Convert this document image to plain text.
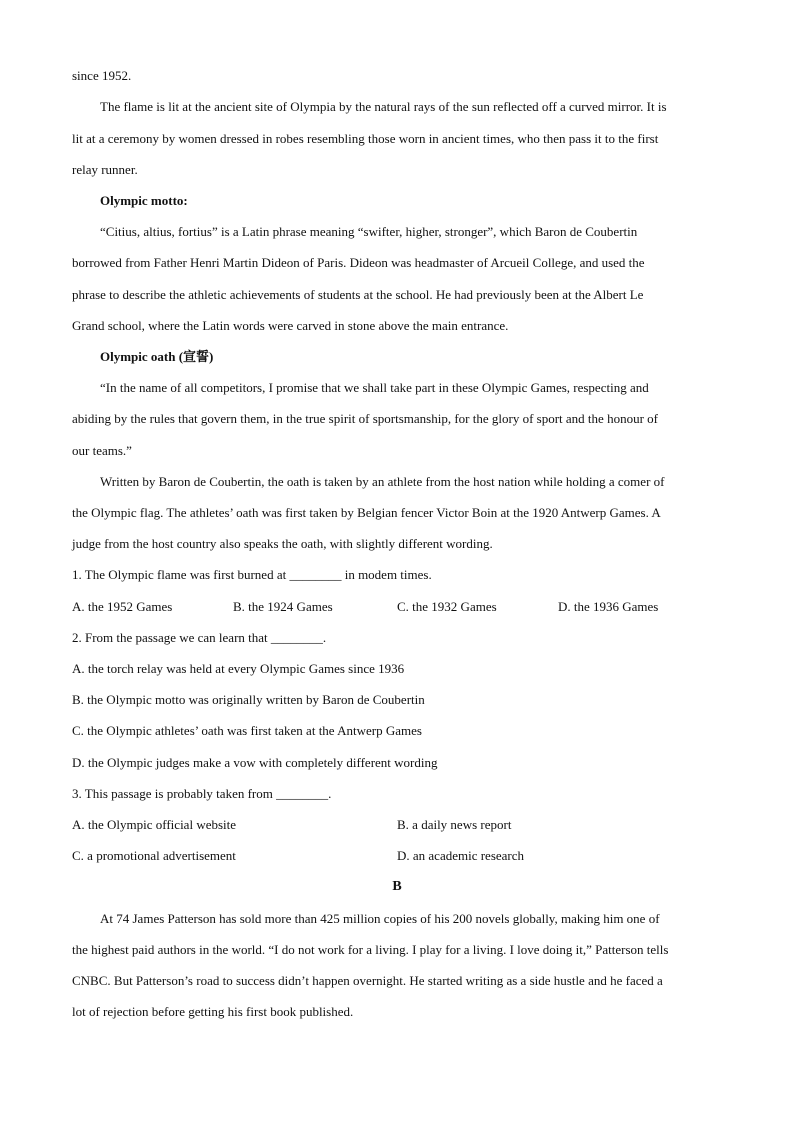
since 1952.
The flame is lit at the ancient site of Olympia by the natural rays of the sun reflected off a curved mirror. It is
lit at a ceremony by women dressed in robes resembling those worn in ancient times, who then pass it to the first
relay runner.
Olympic motto:
“Citius, altius, fortius” is a Latin phrase meaning “swifter, higher, stronger”, which Baron de Coubertin
borrowed from Father Henri Martin Dideon of Paris. Dideon was headmaster of Arcueil College, and used the
phrase to describe the athletic achievements of students at the school. He had previously been at the Albert Le
Grand school, where the Latin words were carved in stone above the main entrance.
Olympic oath (宣誓)
“In the name of all competitors, I promise that we shall take part in these Olympic Games, respecting and
abiding by the rules that govern them, in the true spirit of sportsmanship, for the glory of sport and the honour of
our teams.”
Written by Baron de Coubertin, the oath is taken by an athlete from the host nation while holding a comer of
the Olympic flag. The athletes’ oath was first taken by Belgian fencer Victor Boin at the 1920 Antwerp Games. A
judge from the host country also speaks the oath, with slightly different wording.
1. The Olympic flame was first burned at ________ in modem times.
A. the 1952 Games	B. the 1924 Games	C. the 1932 Games	D. the 1936 Games
2. From the passage we can learn that ________.
A. the torch relay was held at every Olympic Games since 1936
B. the Olympic motto was originally written by Baron de Coubertin
C. the Olympic athletes’ oath was first taken at the Antwerp Games
D. the Olympic judges make a vow with completely different wording
3. This passage is probably taken from ________.
A. the Olympic official website	B. a daily news report
C. a promotional advertisement	D. an academic research
B
At 74 James Patterson has sold more than 425 million copies of his 200 novels globally, making him one of
the highest paid authors in the world. “I do not work for a living. I play for a living. I love doing it,” Patterson tells
CNBC. But Patterson’s road to success didn’t happen overnight. He started writing as a side hustle and he faced a
lot of rejection before getting his first book published.
